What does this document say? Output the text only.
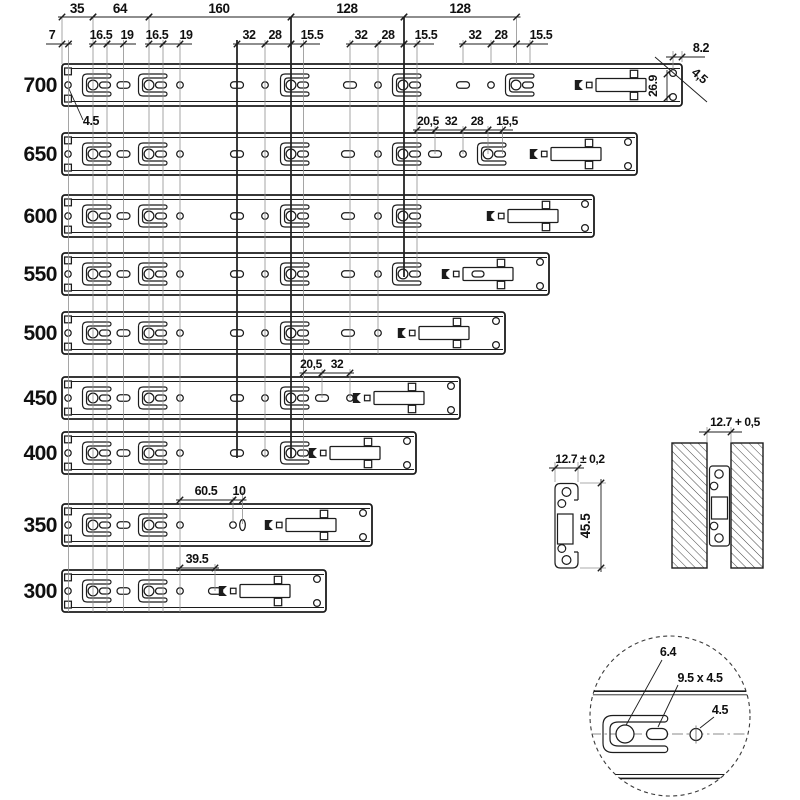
700
650
600
550
500
450
400
350
300
35 64	160	128	128
7	16.5 19 16.5 19	32 28 15.5 32 28 15.5 32 28 15.5
8.2
20,5 32 28 15,5
20,5 32
60.5 10
39.5
12.7 ± 0,2
12.7 + 0,5
26.9
45.5
4.5
4,5
6.4
9.5 x 4.5
4.5
